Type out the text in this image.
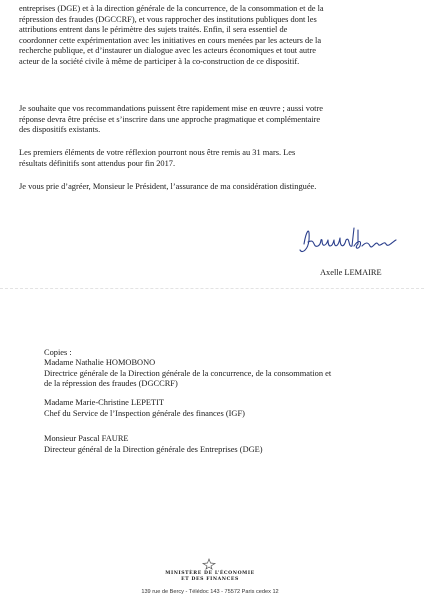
entreprises (DGE) et à la direction générale de la concurrence, de la consommation et de la
répression des fraudes (DGCCRF), et vous rapprocher des institutions publiques dont les
attributions entrent dans le périmètre des sujets traités. Enfin, il sera essentiel de
coordonner cette expérimentation avec les initiatives en cours menées par les acteurs de la
recherche publique, et d’instaurer un dialogue avec les acteurs économiques et tout autre
acteur de la société civile à même de participer à la co-construction de ce dispositif.

Je souhaite que vos recommandations puissent être rapidement mise en œuvre ; aussi votre
réponse devra être précise et s’inscrire dans une approche pragmatique et complémentaire
des dispositifs existants.

Les premiers éléments de votre réflexion pourront nous être remis au 31 mars. Les
résultats définitifs sont attendus pour fin 2017.

Je vous prie d’agréer, Monsieur le Président, l’assurance de ma considération distinguée.

Axelle LEMAIRE
Copies :
Madame Nathalie HOMOBONO
Directrice générale de la Direction générale de la concurrence, de la consommation et
de la répression des fraudes (DGCCRF)
Madame Marie-Christine LEPETIT
Chef du Service de l’Inspection générale des finances (IGF)
Monsieur Pascal FAURE
Directeur général de la Direction générale des Entreprises (DGE)
MINISTÈRE DE L’ÉCONOMIE
ET DES FINANCES
139 rue de Bercy - Télédoc 143 - 75572 Paris cedex 12
